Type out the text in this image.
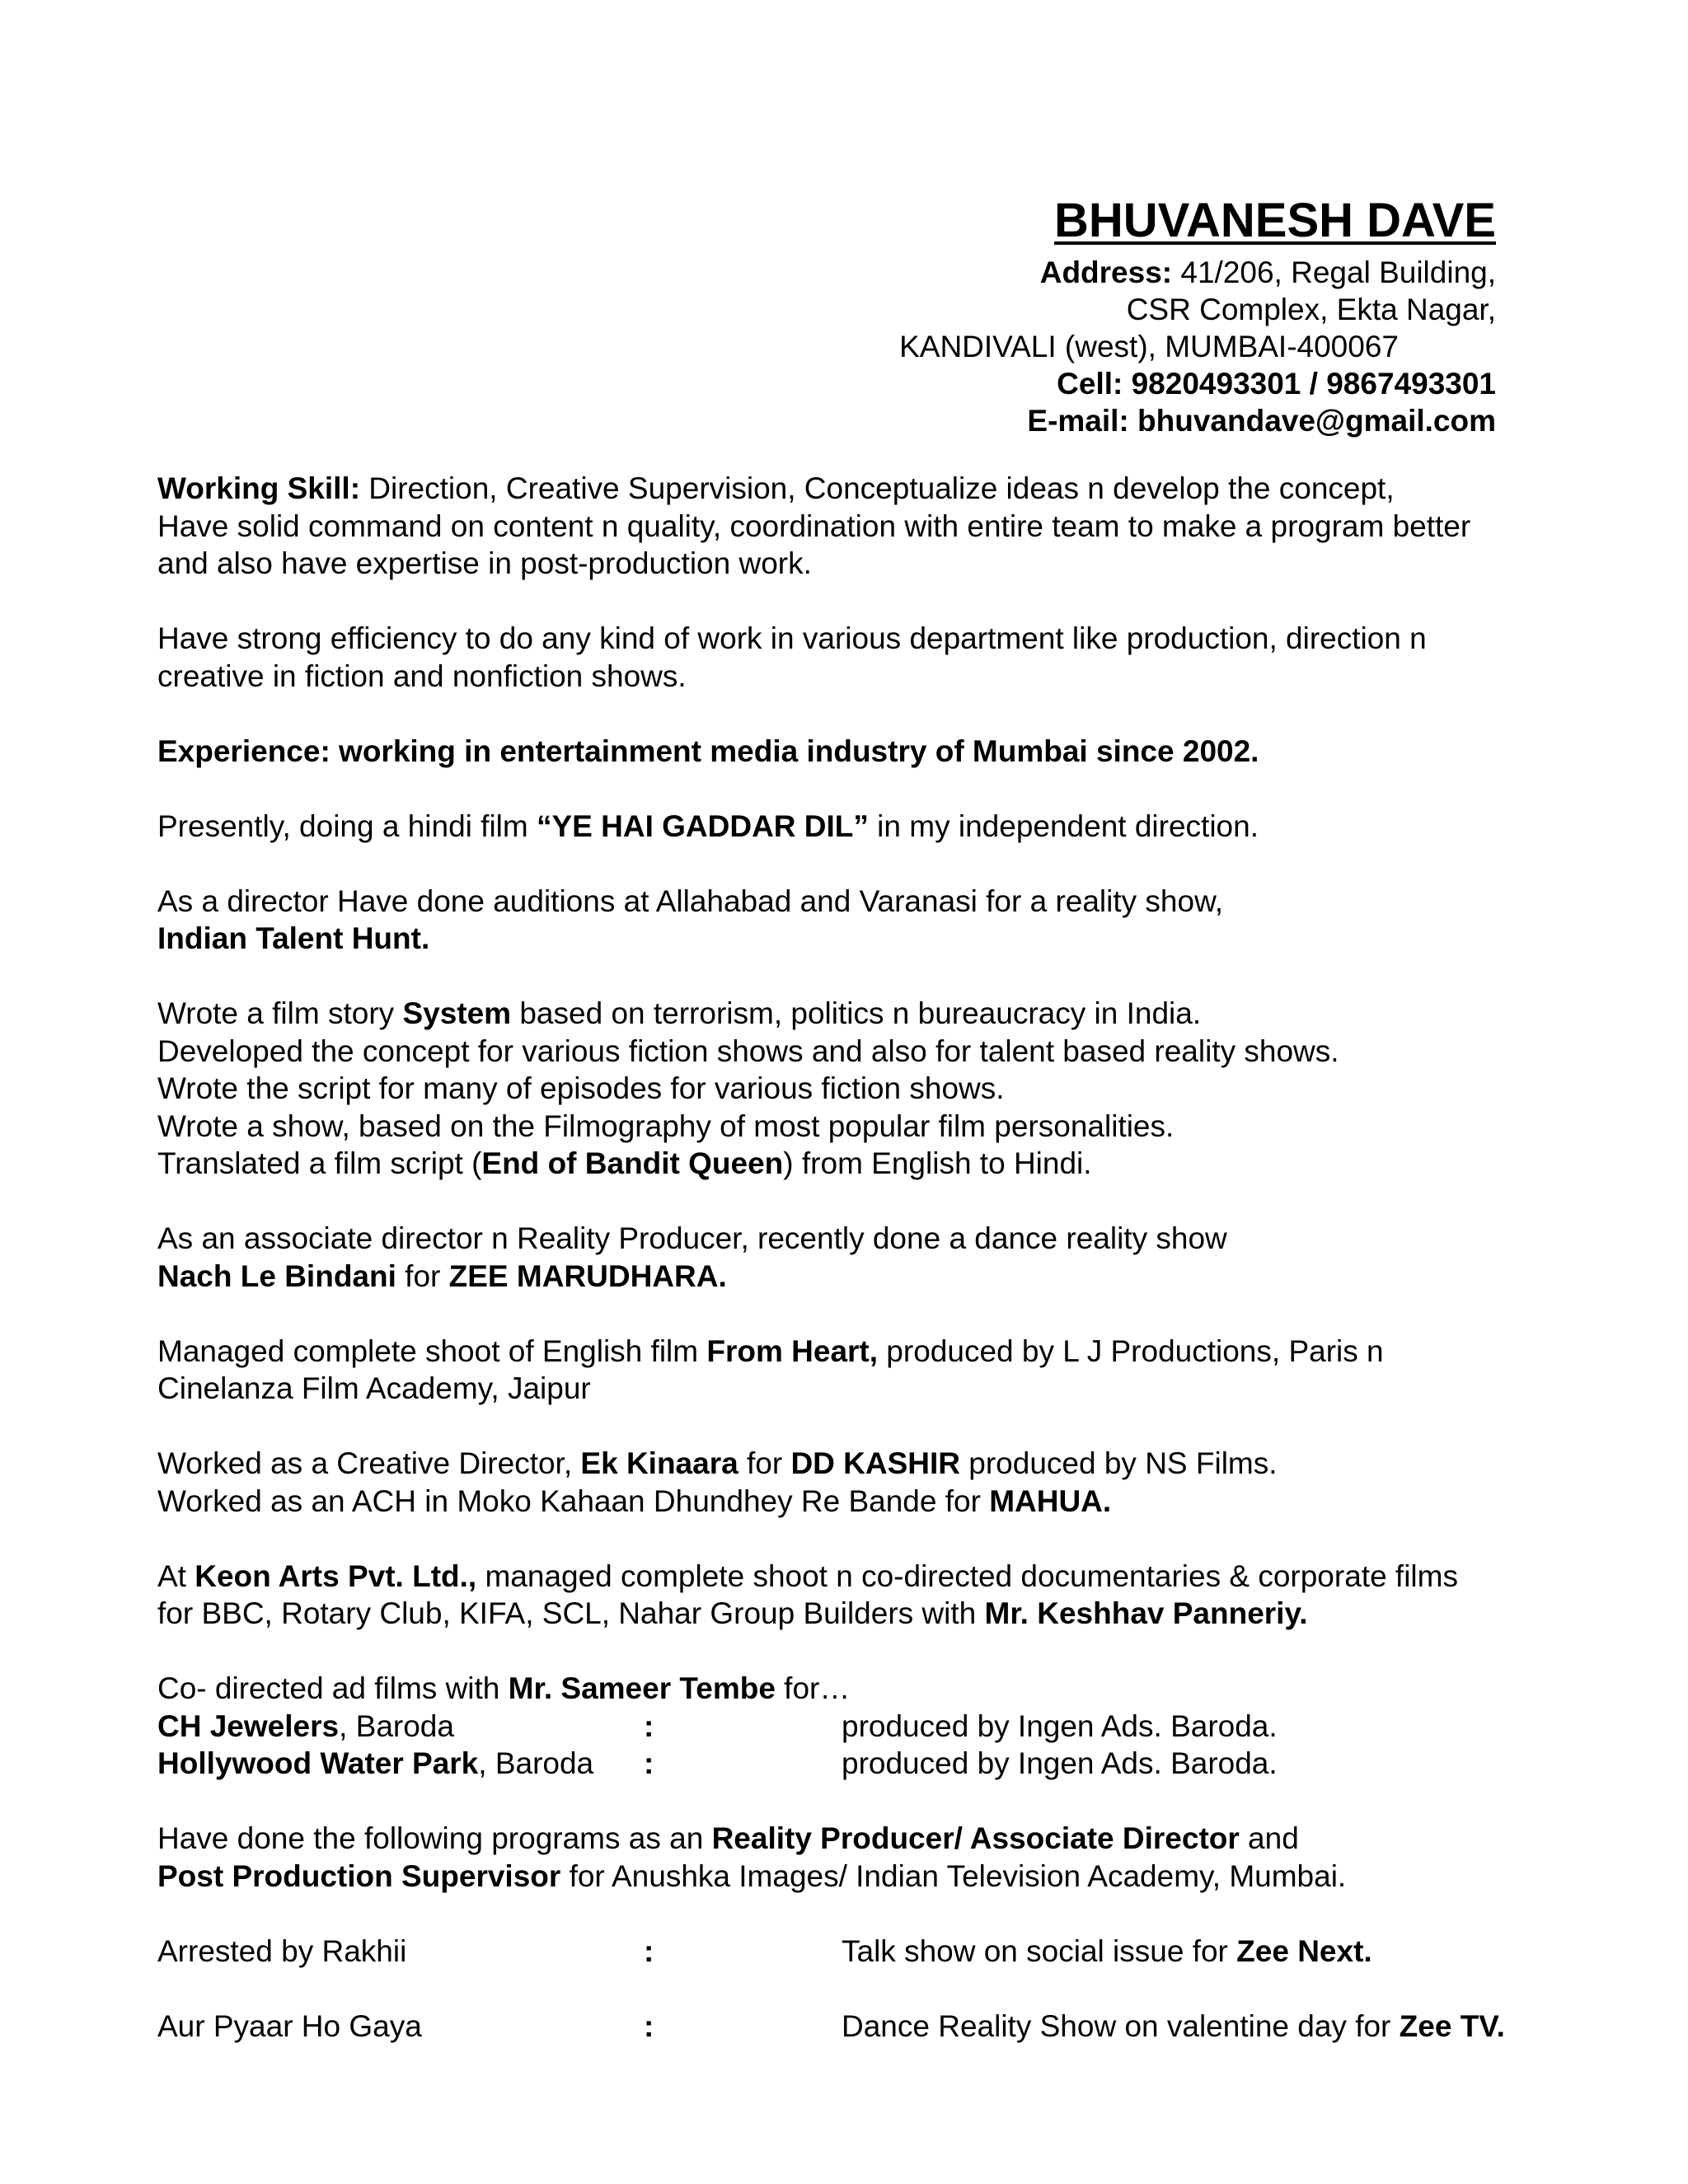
BHUVANESH DAVE
Address: 41/206, Regal Building,
CSR Complex, Ekta Nagar,
KANDIVALI (west), MUMBAI-400067
Cell: 9820493301 / 9867493301
E-mail: bhuvandave@gmail.com
Working Skill: Direction, Creative Supervision, Conceptualize ideas n develop the concept,
Have solid command on content n quality, coordination with entire team to make a program better
and also have expertise in post-production work.
Have strong efficiency to do any kind of work in various department like production, direction n
creative in fiction and nonfiction shows.
Experience: working in entertainment media industry of Mumbai since 2002.
Presently, doing a hindi film “YE HAI GADDAR DIL” in my independent direction.
As a director Have done auditions at Allahabad and Varanasi for a reality show,
Indian Talent Hunt.
Wrote a film story System based on terrorism, politics n bureaucracy in India.
Developed the concept for various fiction shows and also for talent based reality shows.
Wrote the script for many of episodes for various fiction shows.
Wrote a show, based on the Filmography of most popular film personalities.
Translated a film script (End of Bandit Queen) from English to Hindi.
As an associate director n Reality Producer, recently done a dance reality show
Nach Le Bindani for ZEE MARUDHARA.
Managed complete shoot of English film From Heart, produced by L J Productions, Paris n
Cinelanza Film Academy, Jaipur
Worked as a Creative Director, Ek Kinaara for DD KASHIR produced by NS Films.
Worked as an ACH in Moko Kahaan Dhundhey Re Bande for MAHUA.
At Keon Arts Pvt. Ltd., managed complete shoot n co-directed documentaries & corporate films
for BBC, Rotary Club, KIFA, SCL, Nahar Group Builders with Mr. Keshhav Panneriy.
Co- directed ad films with Mr. Sameer Tembe for…
CH Jewelers, Baroda	:	produced by Ingen Ads. Baroda.
Hollywood Water Park, Baroda :	produced by Ingen Ads. Baroda.
Have done the following programs as an Reality Producer/ Associate Director and
Post Production Supervisor for Anushka Images/ Indian Television Academy, Mumbai.
Arrested by Rakhii	:	Talk show on social issue for Zee Next.
Aur Pyaar Ho Gaya	:	Dance Reality Show on valentine day for Zee TV.
